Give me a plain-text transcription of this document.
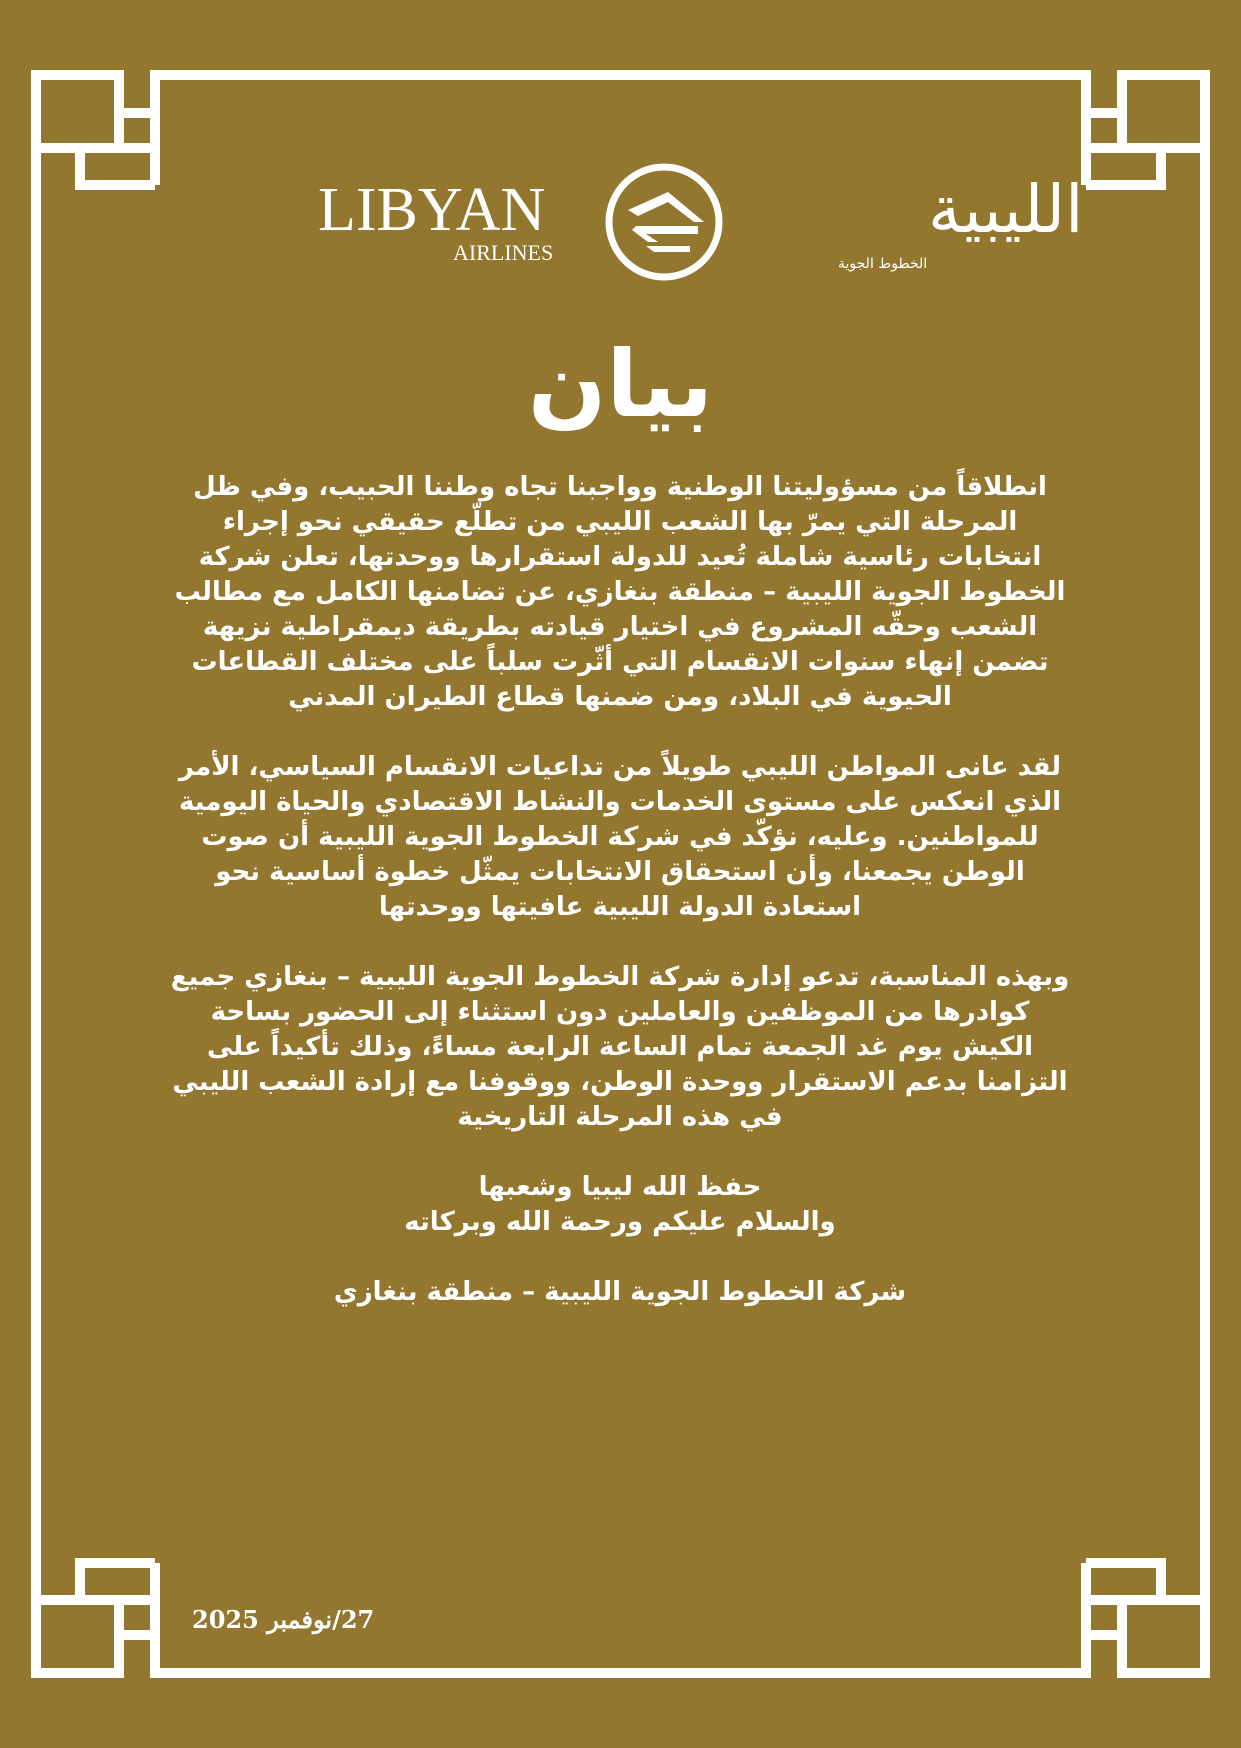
LIBYAN
AIRLINES
الليبية
الخطوط الجوية
بيان

انطلاقاً من مسؤوليتنا الوطنية وواجبنا تجاه وطننا الحبيب، وفي ظل المرحلة التي يمرّ بها الشعب الليبي من تطلّع حقيقي نحو إجراء انتخابات رئاسية شاملة تُعيد للدولة استقرارها ووحدتها، تعلن شركة الخطوط الجوية الليبية – منطقة بنغازي، عن تضامنها الكامل مع مطالب الشعب وحقّه المشروع في اختيار قيادته بطريقة ديمقراطية نزيهة تضمن إنهاء سنوات الانقسام التي أثّرت سلباً على مختلف القطاعات الحيوية في البلاد، ومن ضمنها قطاع الطيران المدني

لقد عانى المواطن الليبي طويلاً من تداعيات الانقسام السياسي، الأمر الذي انعكس على مستوى الخدمات والنشاط الاقتصادي والحياة اليومية للمواطنين. وعليه، نؤكّد في شركة الخطوط الجوية الليبية أن صوت الوطن يجمعنا، وأن استحقاق الانتخابات يمثّل خطوة أساسية نحو استعادة الدولة الليبية عافيتها ووحدتها

وبهذه المناسبة، تدعو إدارة شركة الخطوط الجوية الليبية – بنغازي جميع كوادرها من الموظفين والعاملين دون استثناء إلى الحضور بساحة الكيش يوم غد الجمعة تمام الساعة الرابعة مساءً، وذلك تأكيداً على التزامنا بدعم الاستقرار ووحدة الوطن، ووقوفنا مع إرادة الشعب الليبي في هذه المرحلة التاريخية

حفظ الله ليبيا وشعبها

والسلام عليكم ورحمة الله وبركاته

شركة الخطوط الجوية الليبية – منطقة بنغازي

27/نوفمبر 2025
